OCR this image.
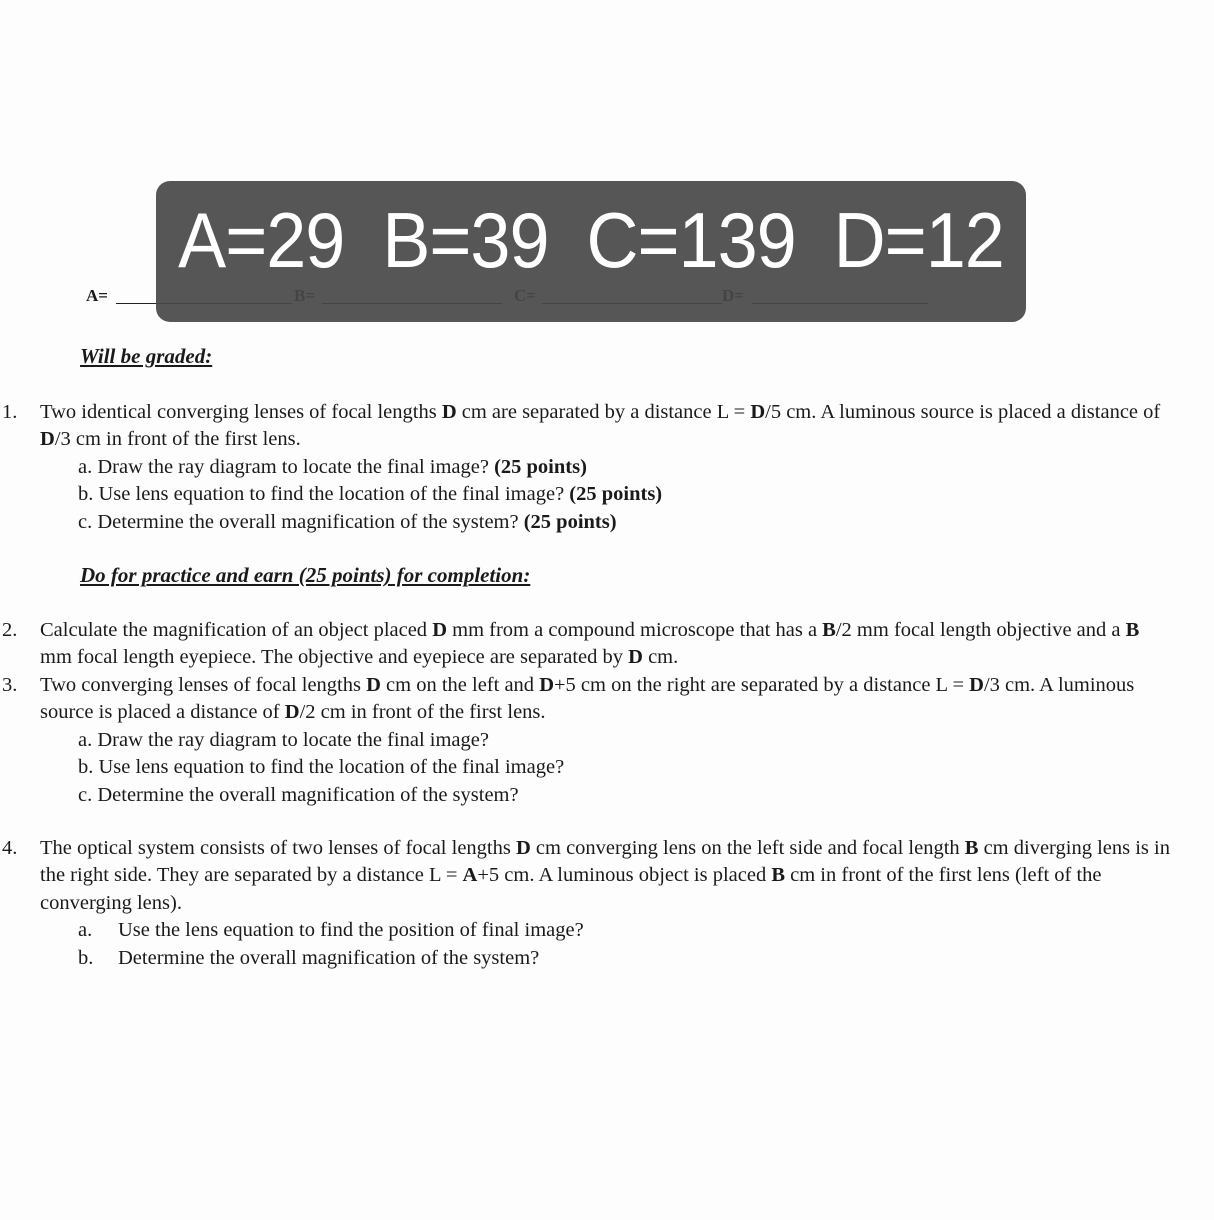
A=
A=29  B=39  C=139  D=12
Will be graded:
1. Two identical converging lenses of focal lengths D cm are separated by a distance L = D/5 cm. A luminous source is placed a distance of D/3 cm in front of the first lens.
a. Draw the ray diagram to locate the final image? (25 points)
b. Use lens equation to find the location of the final image? (25 points)
c. Determine the overall magnification of the system? (25 points)
Do for practice and earn (25 points) for completion:
2. Calculate the magnification of an object placed D mm from a compound microscope that has a B/2 mm focal length objective and a B mm focal length eyepiece. The objective and eyepiece are separated by D cm.
3. Two converging lenses of focal lengths D cm on the left and D+5 cm on the right are separated by a distance L = D/3 cm. A luminous source is placed a distance of D/2 cm in front of the first lens.
a. Draw the ray diagram to locate the final image?
b. Use lens equation to find the location of the final image?
c. Determine the overall magnification of the system?
4. The optical system consists of two lenses of focal lengths D cm converging lens on the left side and focal length B cm diverging lens is in the right side. They are separated by a distance L = A+5 cm. A luminous object is placed B cm in front of the first lens (left of the converging lens).
a. Use the lens equation to find the position of final image?
b. Determine the overall magnification of the system?
